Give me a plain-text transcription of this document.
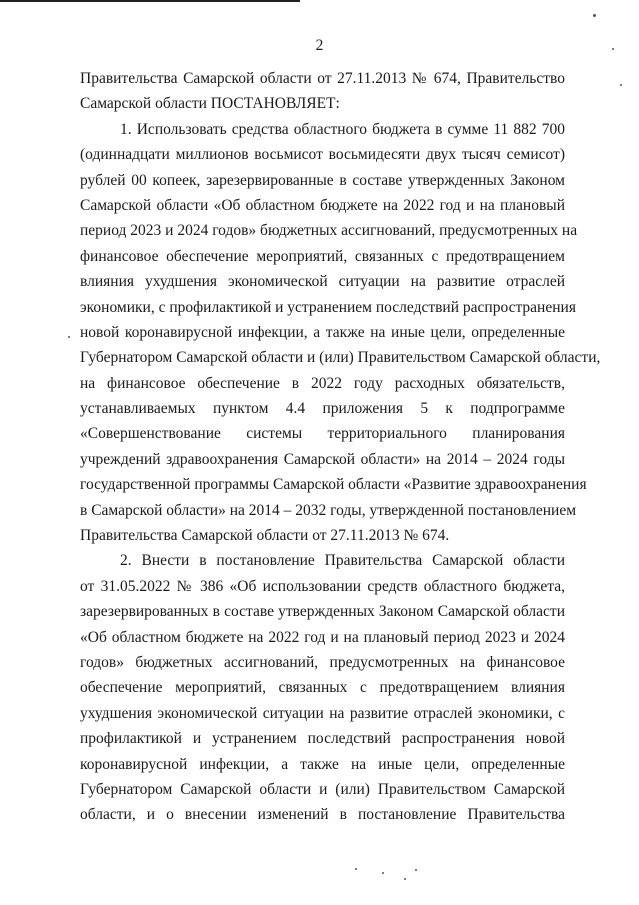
2
Правительства Самарской области от 27.11.2013 № 674, Правительство
Самарской области ПОСТАНОВЛЯЕТ:
1. Использовать средства областного бюджета в сумме 11 882 700
(одиннадцати миллионов восьмисот восьмидесяти двух тысяч семисот)
рублей 00 копеек, зарезервированные в составе утвержденных Законом
Самарской области «Об областном бюджете на 2022 год и на плановый
период 2023 и 2024 годов» бюджетных ассигнований, предусмотренных на
финансовое обеспечение мероприятий, связанных с предотвращением
влияния ухудшения экономической ситуации на развитие отраслей
экономики, с профилактикой и устранением последствий распространения
новой коронавирусной инфекции, а также на иные цели, определенные
Губернатором Самарской области и (или) Правительством Самарской области,
на финансовое обеспечение в 2022 году расходных обязательств,
устанавливаемых пунктом 4.4 приложения 5 к подпрограмме
«Совершенствование системы территориального планирования
учреждений здравоохранения Самарской области» на 2014 – 2024 годы
государственной программы Самарской области «Развитие здравоохранения
в Самарской области» на 2014 – 2032 годы, утвержденной постановлением
Правительства Самарской области от 27.11.2013 № 674.
2. Внести в постановление Правительства Самарской области
от 31.05.2022 № 386 «Об использовании средств областного бюджета,
зарезервированных в составе утвержденных Законом Самарской области
«Об областном бюджете на 2022 год и на плановый период 2023 и 2024
годов» бюджетных ассигнований, предусмотренных на финансовое
обеспечение мероприятий, связанных с предотвращением влияния
ухудшения экономической ситуации на развитие отраслей экономики, с
профилактикой и устранением последствий распространения новой
коронавирусной инфекции, а также на иные цели, определенные
Губернатором Самарской области и (или) Правительством Самарской
области, и о внесении изменений в постановление Правительства
